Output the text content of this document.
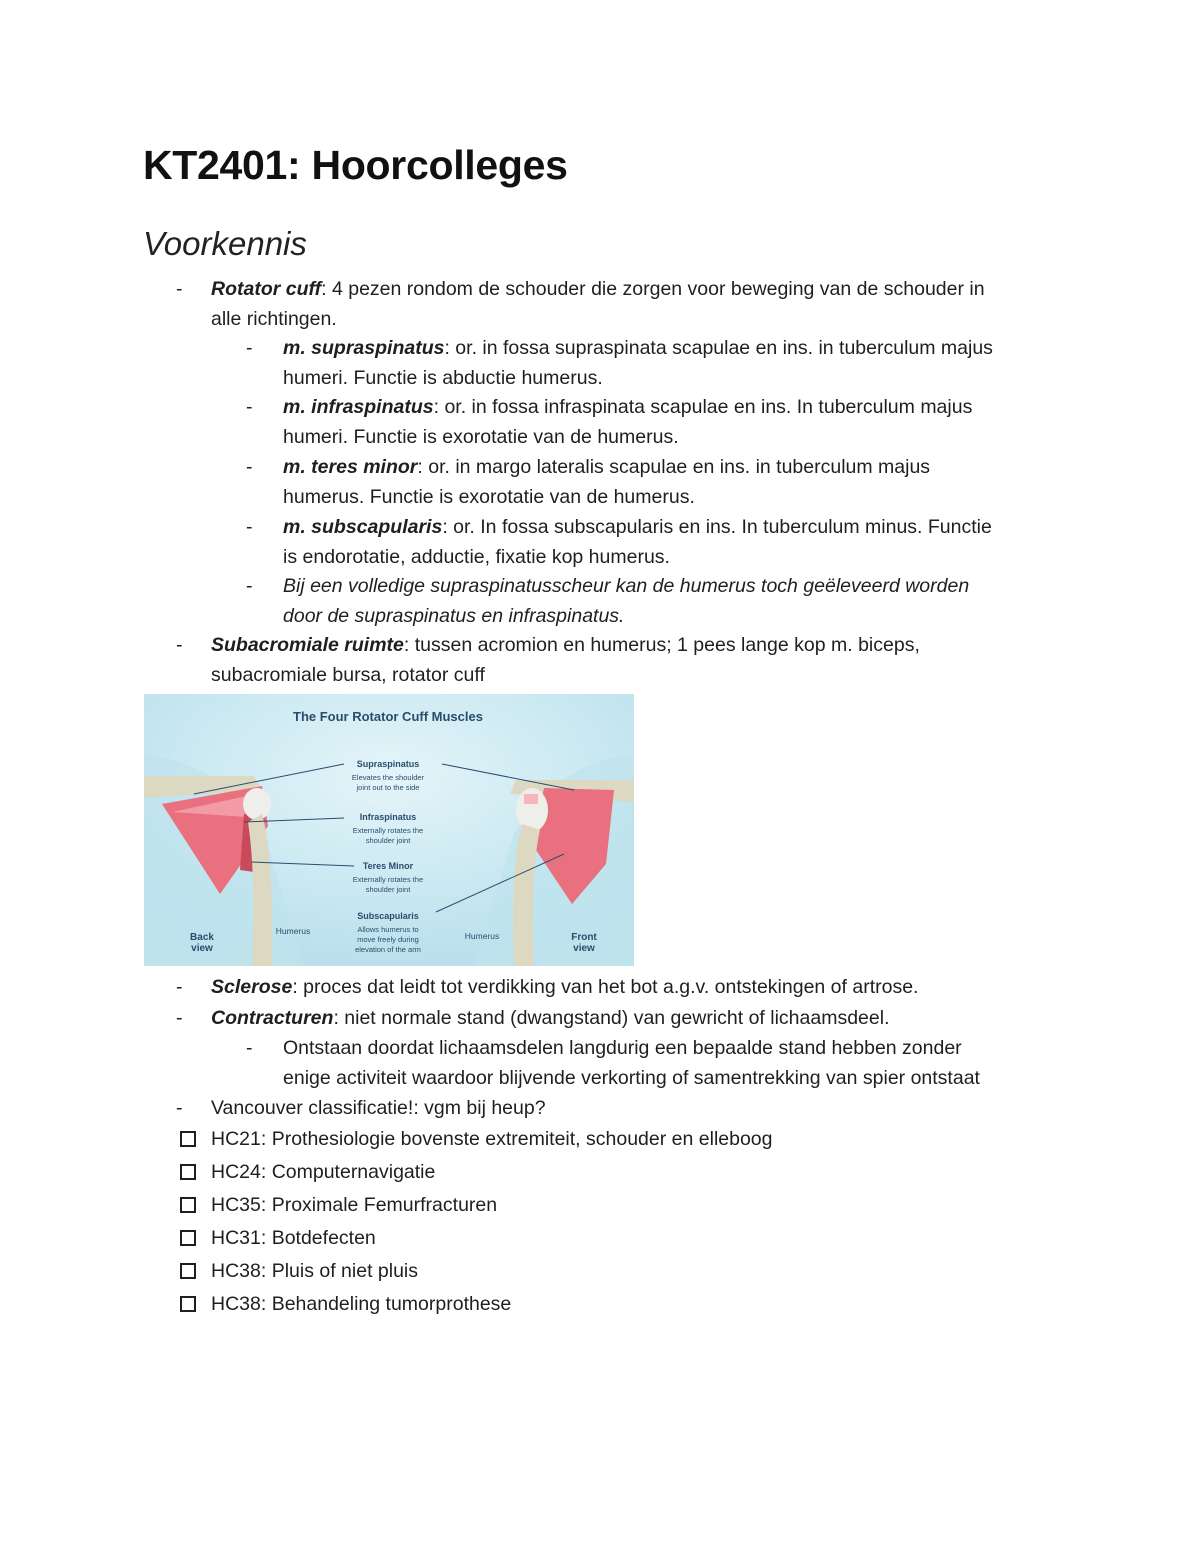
KT2401: Hoorcolleges
Voorkennis
- Rotator cuff: 4 pezen rondom de schouder die zorgen voor beweging van de schouder in
alle richtingen.
- m. supraspinatus: or. in fossa supraspinata scapulae en ins. in tuberculum majus
humeri. Functie is abductie humerus.
- m. infraspinatus: or. in fossa infraspinata scapulae en ins. In tuberculum majus
humeri. Functie is exorotatie van de humerus.
- m. teres minor: or. in margo lateralis scapulae en ins. in tuberculum majus
humerus. Functie is exorotatie van de humerus.
- m. subscapularis: or. In fossa subscapularis en ins. In tuberculum minus. Functie
is endorotatie, adductie, fixatie kop humerus.
- Bij een volledige supraspinatusscheur kan de humerus toch geëleveerd worden
door de supraspinatus en infraspinatus.
- Subacromiale ruimte: tussen acromion en humerus; 1 pees lange kop m. biceps,
subacromiale bursa, rotator cuff
The Four Rotator Cuff Muscles
Supraspinatus
Elevates the shoulder
joint out to the side
Infraspinatus
Externally rotates the
shoulder joint
Teres Minor
Externally rotates the
shoulder joint
Subscapularis
Allows humerus to
move freely during
elevation of the arm
Back
view
Humerus	Humerus	Front
view
- Sclerose: proces dat leidt tot verdikking van het bot a.g.v. ontstekingen of artrose.
- Contracturen: niet normale stand (dwangstand) van gewricht of lichaamsdeel.
- Ontstaan doordat lichaamsdelen langdurig een bepaalde stand hebben zonder
enige activiteit waardoor blijvende verkorting of samentrekking van spier ontstaat
- Vancouver classificatie!: vgm bij heup?
HC21: Prothesiologie bovenste extremiteit, schouder en elleboog
HC24: Computernavigatie
HC35: Proximale Femurfracturen
HC31: Botdefecten
HC38: Pluis of niet pluis
HC38: Behandeling tumorprothese
